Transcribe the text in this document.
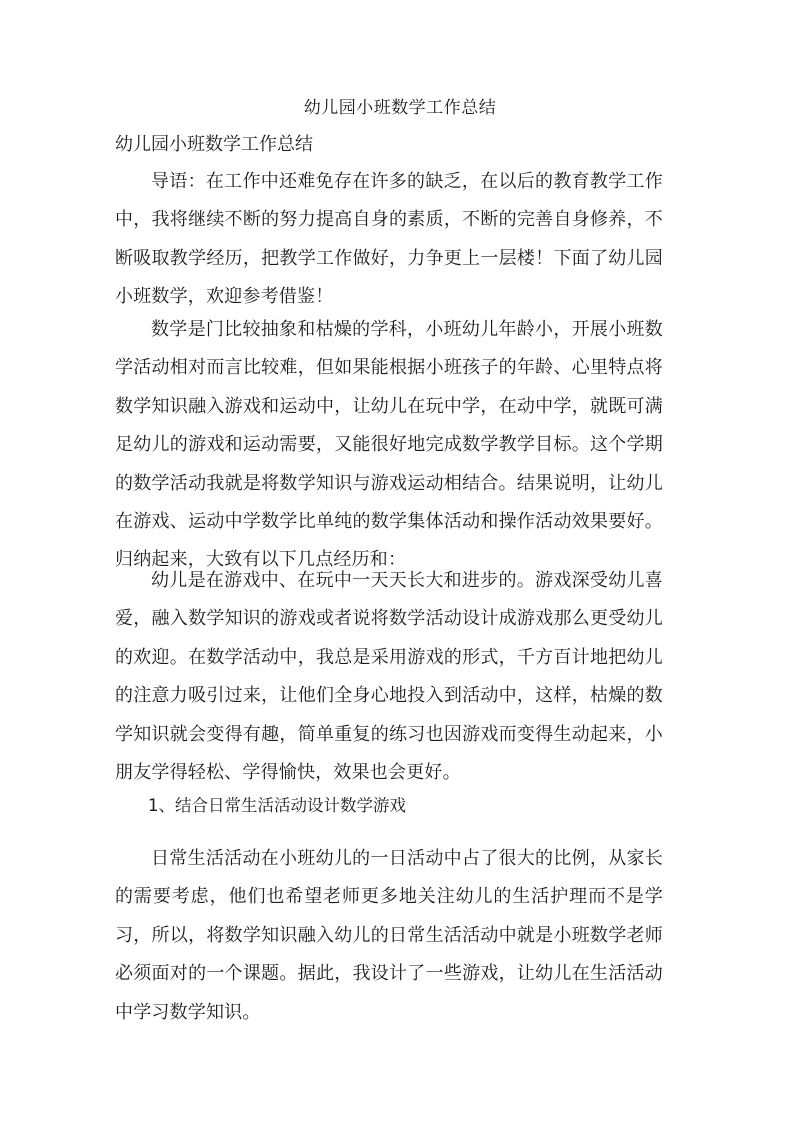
幼儿园小班数学工作总结
幼儿园小班数学工作总结

导语：在工作中还难免存在许多的缺乏，在以后的教育教学工作中，我将继续不断的努力提高自身的素质，不断的完善自身修养，不断吸取教学经历，把教学工作做好，力争更上一层楼！下面了幼儿园小班数学，欢迎参考借鉴！

数学是门比较抽象和枯燥的学科，小班幼儿年龄小，开展小班数学活动相对而言比较难，但如果能根据小班孩子的年龄、心里特点将数学知识融入游戏和运动中，让幼儿在玩中学，在动中学，就既可满足幼儿的游戏和运动需要，又能很好地完成数学教学目标。这个学期的数学活动我就是将数学知识与游戏运动相结合。结果说明，让幼儿在游戏、运动中学数学比单纯的数学集体活动和操作活动效果要好。归纳起来，大致有以下几点经历和：

幼儿是在游戏中、在玩中一天天长大和进步的。游戏深受幼儿喜爱，融入数学知识的游戏或者说将数学活动设计成游戏那么更受幼儿的欢迎。在数学活动中，我总是采用游戏的形式，千方百计地把幼儿的注意力吸引过来，让他们全身心地投入到活动中，这样，枯燥的数学知识就会变得有趣，简单重复的练习也因游戏而变得生动起来，小朋友学得轻松、学得愉快，效果也会更好。

1、结合日常生活活动设计数学游戏

日常生活活动在小班幼儿的一日活动中占了很大的比例，从家长的需要考虑，他们也希望老师更多地关注幼儿的生活护理而不是学习，所以，将数学知识融入幼儿的日常生活活动中就是小班数学老师必须面对的一个课题。据此，我设计了一些游戏，让幼儿在生活活动中学习数学知识。
